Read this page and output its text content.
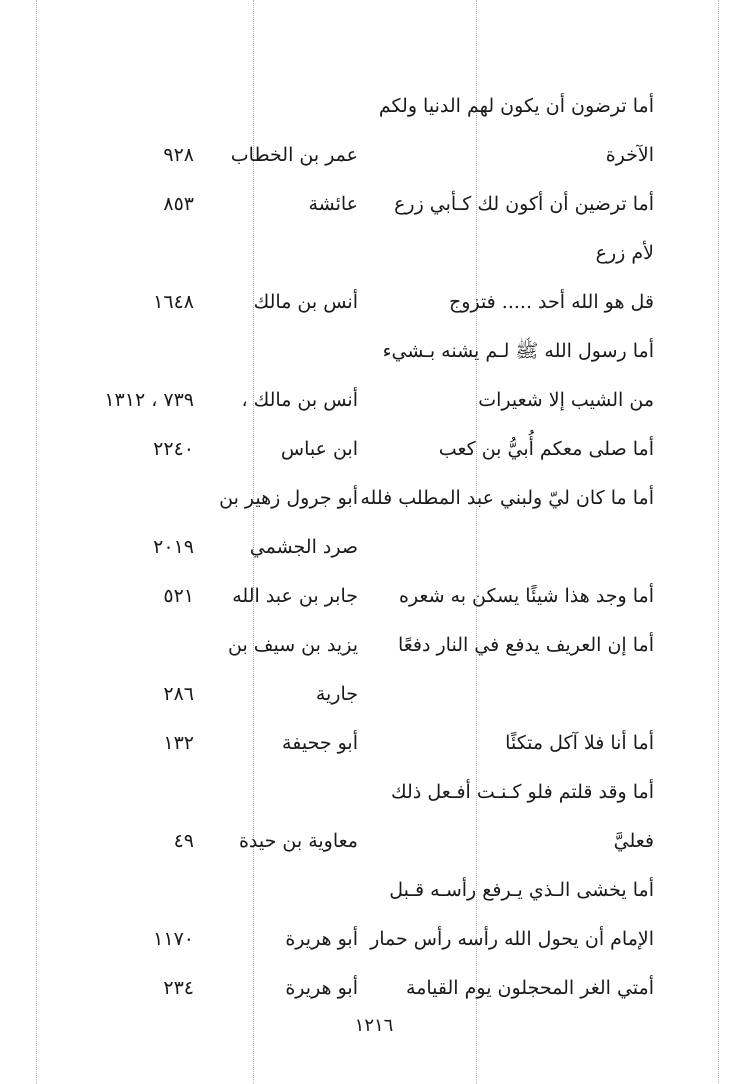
أما ترضون أن يكون لهم الدنيا ولكم
الآخرة
عمر بن الخطاب
٩٢٨
أما ترضين أن أكون لك كـأبي زرع
عائشة
٨٥٣
لأم زرع
قل هو الله أحد ..... فتزوج
أنس بن مالك
١٦٤٨
أما رسول الله ﷺ لـم يشنه بـشيء
من الشيب إلا شعيرات
أنس بن مالك ،
٧٣٩ ، ١٣١٢
أما صلى معكم أُبيُّ بن كعب
ابن عباس
٢٢٤٠
أما ما كان ليّ ولبني عبد المطلب فلله
أبو جرول زهير بن
صرد الجشمي
٢٠١٩
أما وجد هذا شيئًا يسكن به شعره
جابر بن عبد الله
٥٢١
أما إن العريف يدفع في النار دفعًا
يزيد بن سيف بن
جارية
٢٨٦
أما أنا فلا آكل متكئًا
أبو جحيفة
١٣٢
أما وقد قلتم فلو كـنـت أفـعل ذلك
فعليَّ
معاوية بن حيدة
٤٩
أما يخشى الـذي يـرفع رأسـه قـبل
الإمام أن يحول الله رأسه رأس حمار
أبو هريرة
١١٧٠
أمتي الغر المحجلون يوم القيامة
أبو هريرة
٢٣٤
١٢١٦
